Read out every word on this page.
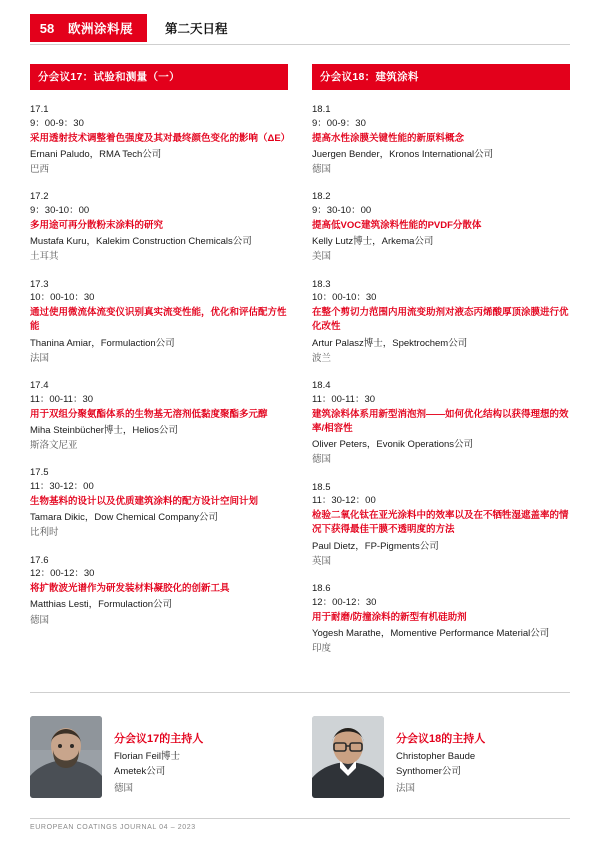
58	欧洲涂料展	第二天日程
分会议17：试验和测量（一）
17.1
9：00-9：30
采用透射技术调整着色强度及其对最终颜色变化的影响（ΔE）
Ernani Paludo，RMA Tech公司
巴西
17.2
9：30-10：00
多用途可再分散粉末涂料的研究
Mustafa Kuru，Kalekim Construction Chemicals公司
土耳其
17.3
10：00-10：30
通过使用微流体流变仪识别真实流变性能，优化和评估配方性能
Thanina Amiar，Formulaction公司
法国
17.4
11：00-11：30
用于双组分聚氨酯体系的生物基无溶剂低黏度聚酯多元醇
Miha Steinbücher博士，Helios公司
斯洛文尼亚
17.5
11：30-12：00
生物基料的设计以及优质建筑涂料的配方设计空间计划
Tamara Dikic，Dow Chemical Company公司
比利时
17.6
12：00-12：30
将扩散波光谱作为研发装材料凝胶化的创新工具
Matthias Lesti，Formulaction公司
德国
分会议18：建筑涂料
18.1
9：00-9：30
提高水性涂膜关键性能的新原料概念
Juergen Bender，Kronos International公司
德国
18.2
9：30-10：00
提高低VOC建筑涂料性能的PVDF分散体
Kelly Lutz博士，Arkema公司
美国
18.3
10：00-10：30
在整个剪切力范围内用流变助剂对液态丙烯酸厚顶涂膜进行优化改性
Artur Palasz博士，Spektrochem公司
波兰
18.4
11：00-11：30
建筑涂料体系用新型消泡剂——如何优化结构以获得理想的效率/相容性
Oliver Peters，Evonik Operations公司
德国
18.5
11：30-12：00
检验二氧化钛在亚光涂料中的效率以及在不牺牲湿遮盖率的情况下获得最佳干膜不透明度的方法
Paul Dietz，FP-Pigments公司
英国
18.6
12：00-12：30
用于耐磨/防撞涂料的新型有机硅助剂
Yogesh Marathe，Momentive Performance Material公司
印度
分会议17的主持人
Florian Feil博士
Ametek公司
德国
分会议18的主持人
Christopher Baude
Synthomer公司
法国
EUROPEAN COATINGS JOURNAL 04 – 2023
